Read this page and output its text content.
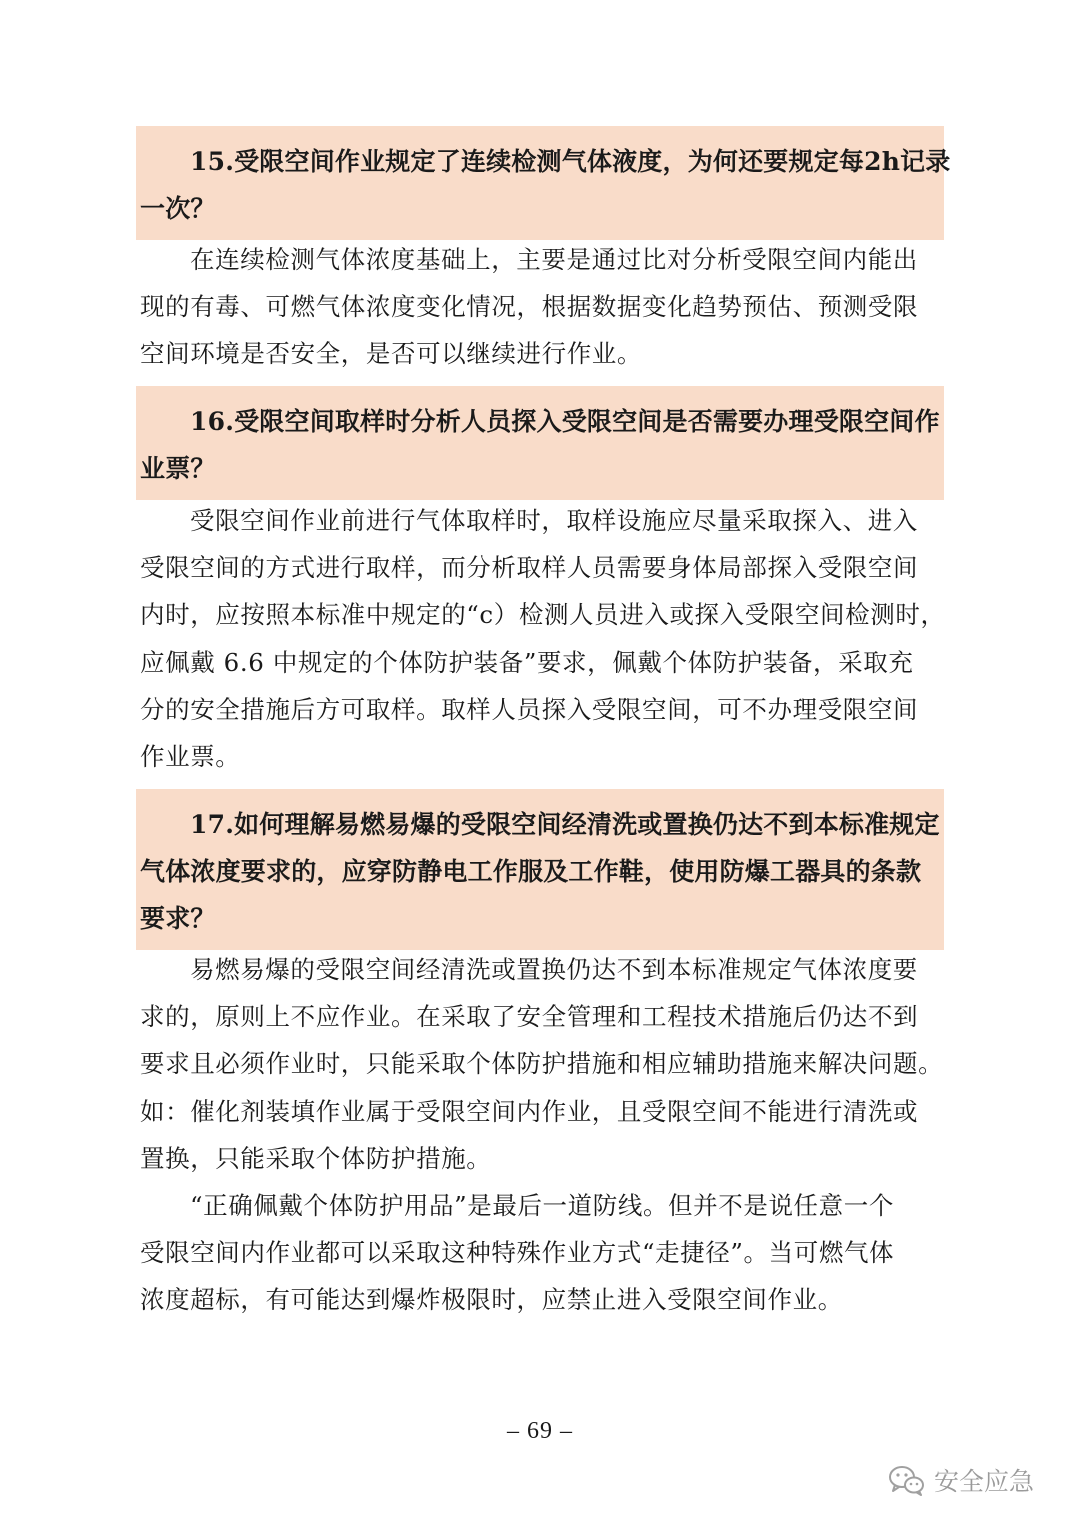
15.受限空间作业规定了连续检测气体液度，为何还要规定每2h记录
一次？
在连续检测气体浓度基础上，主要是通过比对分析受限空间内能出
现的有毒、可燃气体浓度变化情况，根据数据变化趋势预估、预测受限
空间环境是否安全，是否可以继续进行作业。
16.受限空间取样时分析人员探入受限空间是否需要办理受限空间作
业票？
受限空间作业前进行气体取样时，取样设施应尽量采取探入、进入
受限空间的方式进行取样，而分析取样人员需要身体局部探入受限空间
内时，应按照本标准中规定的“c）检测人员进入或探入受限空间检测时，
应佩戴 6.6 中规定的个体防护装备”要求，佩戴个体防护装备，采取充
分的安全措施后方可取样。取样人员探入受限空间，可不办理受限空间
作业票。
17.如何理解易燃易爆的受限空间经清洗或置换仍达不到本标准规定
气体浓度要求的，应穿防静电工作服及工作鞋，使用防爆工器具的条款
要求？
易燃易爆的受限空间经清洗或置换仍达不到本标准规定气体浓度要
求的，原则上不应作业。在采取了安全管理和工程技术措施后仍达不到
要求且必须作业时，只能采取个体防护措施和相应辅助措施来解决问题。
如：催化剂装填作业属于受限空间内作业，且受限空间不能进行清洗或
置换，只能采取个体防护措施。
“正确佩戴个体防护用品”是最后一道防线。但并不是说任意一个
受限空间内作业都可以采取这种特殊作业方式“走捷径”。当可燃气体
浓度超标，有可能达到爆炸极限时，应禁止进入受限空间作业。
– 69 –
安全应急
